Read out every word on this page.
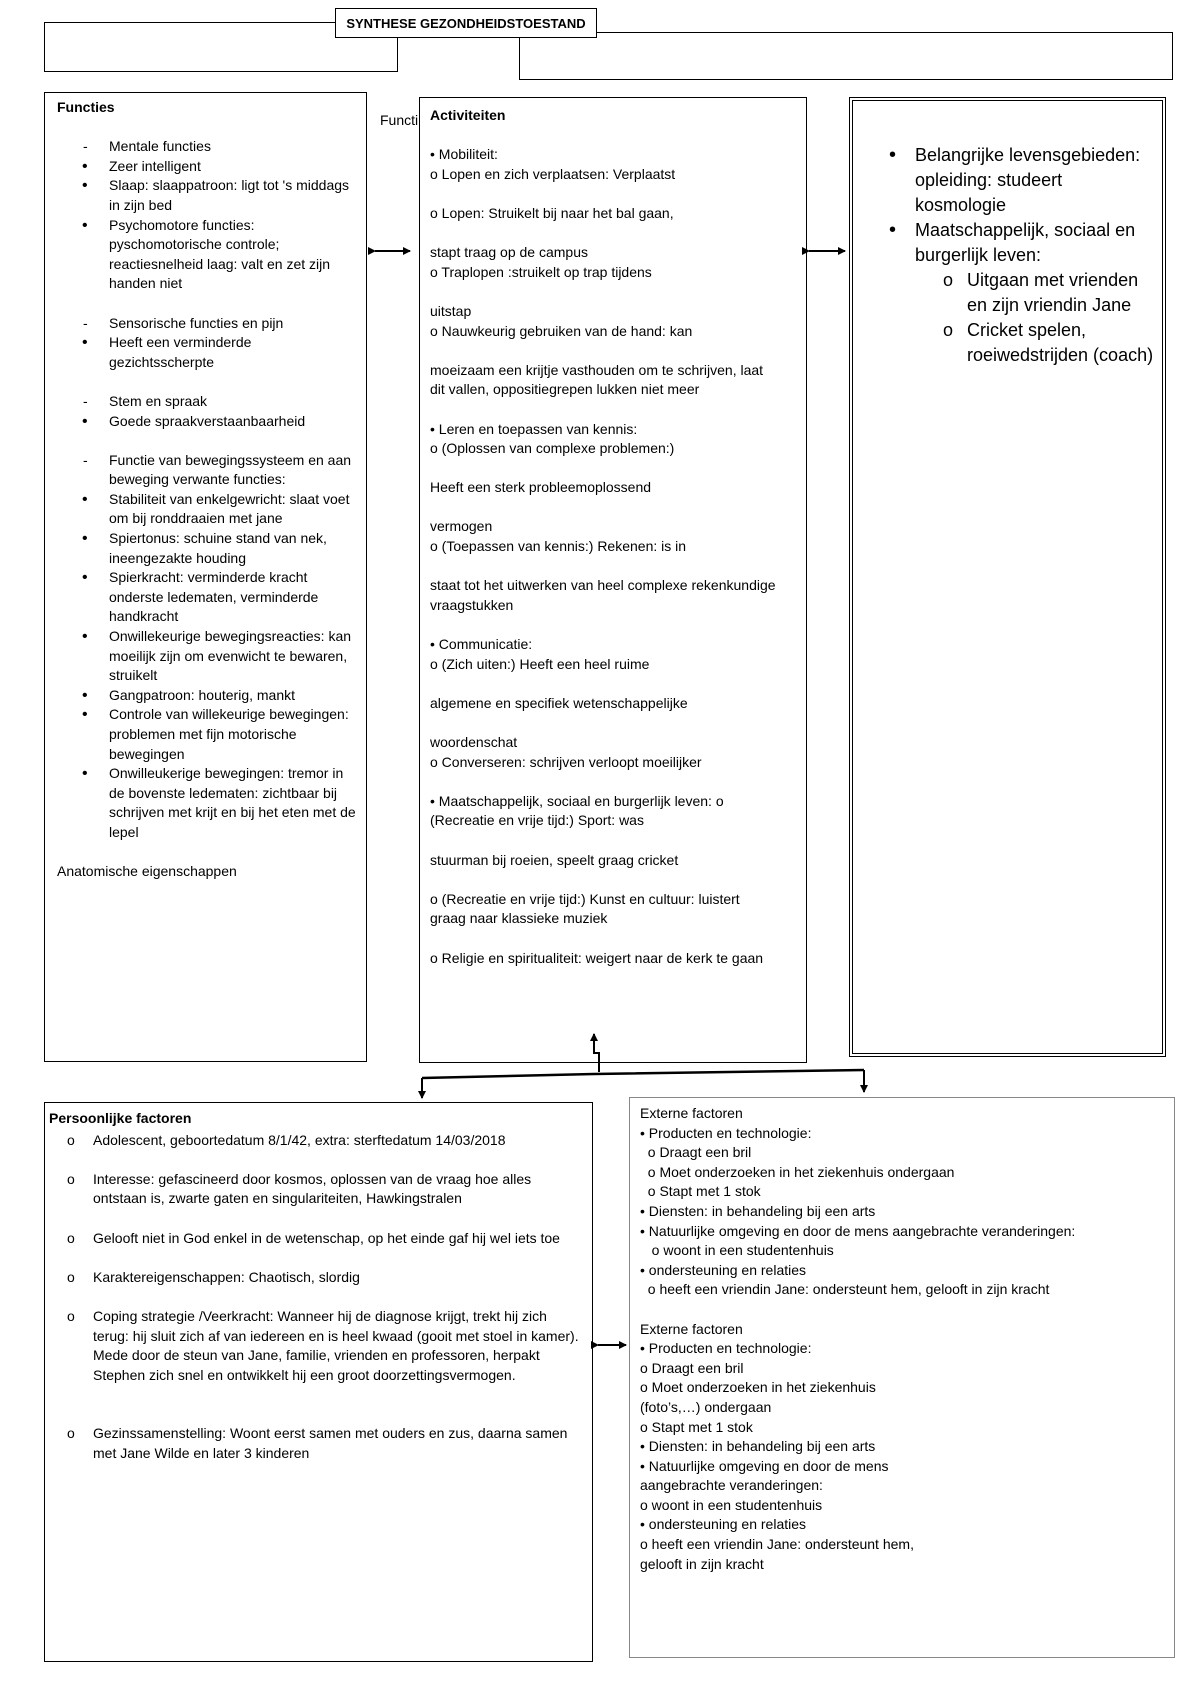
SYNTHESE GEZONDHEIDSTOESTAND
Functi
Functies
- Mentale functies
• Zeer intelligent
• Slaap: slaappatroon: ligt tot 's middags in zijn bed
• Psychomotore functies: pyschomotorische controle; reactiesnelheid laag: valt en zet zijn handen niet
- Sensorische functies en pijn
• Heeft een verminderde gezichtsscherpte
- Stem en spraak
• Goede spraakverstaanbaarheid
- Functie van bewegingssysteem en aan beweging verwante functies:
• Stabiliteit van enkelgewricht: slaat voet om bij ronddraaien met jane
• Spiertonus: schuine stand van nek, ineengezakte houding
• Spierkracht: verminderde kracht onderste ledematen, verminderde handkracht
• Onwillekeurige bewegingsreacties: kan moeilijk zijn om evenwicht te bewaren, struikelt
• Gangpatroon: houterig, mankt
• Controle van willekeurige bewegingen: problemen met fijn motorische bewegingen
• Onwilleukerige bewegingen: tremor in de bovenste ledematen: zichtbaar bij schrijven met krijt en bij het eten met de lepel
Anatomische eigenschappen
Activiteiten

• Mobiliteit:

o Lopen en zich verplaatsen: Verplaatst

o Lopen: Struikelt bij naar het bal gaan,

stapt traag op de campus

o Traplopen :struikelt op trap tijdens

uitstap

o Nauwkeurig gebruiken van de hand: kan

moeizaam een krijtje vasthouden om te schrijven, laat

dit vallen, oppositiegrepen lukken niet meer

• Leren en toepassen van kennis:

o (Oplossen van complexe problemen:)

Heeft een sterk probleemoplossend

vermogen

o (Toepassen van kennis:) Rekenen: is in

staat tot het uitwerken van heel complexe rekenkundige

vraagstukken

• Communicatie:

o (Zich uiten:) Heeft een heel ruime

algemene en specifiek wetenschappelijke

woordenschat

o Converseren: schrijven verloopt moeilijker

• Maatschappelijk, sociaal en burgerlijk leven: o

(Recreatie en vrije tijd:) Sport: was

stuurman bij roeien, speelt graag cricket

o (Recreatie en vrije tijd:) Kunst en cultuur: luistert

graag naar klassieke muziek

o Religie en spiritualiteit: weigert naar de kerk te gaan

• Belangrijke levensgebieden: opleiding: studeert kosmologie
• Maatschappelijk, sociaal en burgerlijk leven:
o Uitgaan met vrienden en zijn vriendin Jane
o Cricket spelen, roeiwedstrijden (coach)
Persoonlijke factoren
o Adolescent, geboortedatum 8/1/42, extra: sterftedatum 14/03/2018
o Interesse: gefascineerd door kosmos, oplossen van de vraag hoe alles ontstaan is, zwarte gaten en singulariteiten, Hawkingstralen
o Gelooft niet in God enkel in de wetenschap, op het einde gaf hij wel iets toe
o Karaktereigenschappen: Chaotisch, slordig
o Coping strategie /Veerkracht: Wanneer hij de diagnose krijgt, trekt hij zich terug: hij sluit zich af van iedereen en is heel kwaad (gooit met stoel in kamer). Mede door de steun van Jane, familie, vrienden en professoren, herpakt Stephen zich snel en ontwikkelt hij een groot doorzettingsvermogen.
o Gezinssamenstelling: Woont eerst samen met ouders en zus, daarna samen met Jane Wilde en later 3 kinderen

Externe factoren

• Producten en technologie:

o Draagt een bril

o Moet onderzoeken in het ziekenhuis ondergaan

o Stapt met 1 stok

• Diensten: in behandeling bij een arts

• Natuurlijke omgeving en door de mens aangebrachte veranderingen:

o woont in een studentenhuis

• ondersteuning en relaties

o heeft een vriendin Jane: ondersteunt hem, gelooft in zijn kracht

Externe factoren

• Producten en technologie:

o Draagt een bril

o Moet onderzoeken in het ziekenhuis

(foto’s,…) ondergaan

o Stapt met 1 stok

• Diensten: in behandeling bij een arts

• Natuurlijke omgeving en door de mens

aangebrachte veranderingen:

o woont in een studentenhuis

• ondersteuning en relaties

o heeft een vriendin Jane: ondersteunt hem,

gelooft in zijn kracht
